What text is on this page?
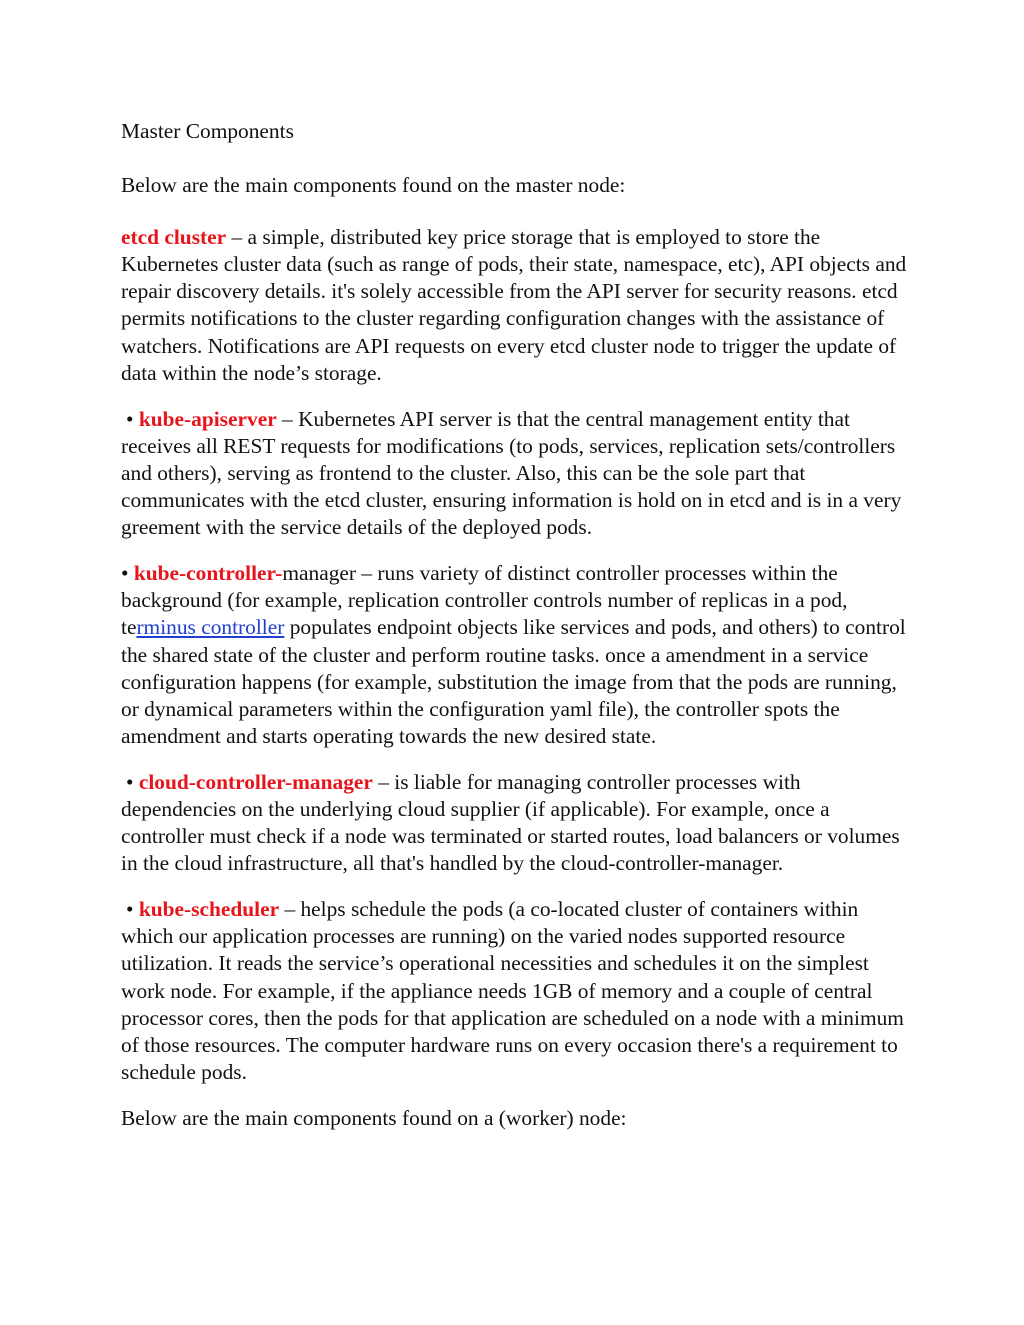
Master Components

Below are the main components found on the master node:

etcd cluster – a simple, distributed key price storage that is employed to store the Kubernetes cluster data (such as range of pods, their state, namespace, etc), API objects and repair discovery details. it's solely accessible from the API server for security reasons. etcd permits notifications to the cluster regarding configuration changes with the assistance of watchers. Notifications are API requests on every etcd cluster node to trigger the update of data within the node’s storage.

• kube-apiserver – Kubernetes API server is that the central management entity that receives all REST requests for modifications (to pods, services, replication sets/controllers and others), serving as frontend to the cluster. Also, this can be the sole part that communicates with the etcd cluster, ensuring information is hold on in etcd and is in a very greement with the service details of the deployed pods.

• kube-controller-manager – runs variety of distinct controller processes within the background (for example, replication controller controls number of replicas in a pod, terminus controller populates endpoint objects like services and pods, and others) to control the shared state of the cluster and perform routine tasks. once a amendment in a service configuration happens (for example, substitution the image from that the pods are running, or dynamical parameters within the configuration yaml file), the controller spots the amendment and starts operating towards the new desired state.

• cloud-controller-manager – is liable for managing controller processes with dependencies on the underlying cloud supplier (if applicable). For example, once a controller must check if a node was terminated or started routes, load balancers or volumes in the cloud infrastructure, all that's handled by the cloud-controller-manager.

• kube-scheduler – helps schedule the pods (a co-located cluster of containers within which our application processes are running) on the varied nodes supported resource utilization. It reads the service’s operational necessities and schedules it on the simplest work node. For example, if the appliance needs 1GB of memory and a couple of central processor cores, then the pods for that application are scheduled on a node with a minimum of those resources. The computer hardware runs on every occasion there's a requirement to schedule pods.

Below are the main components found on a (worker) node:
